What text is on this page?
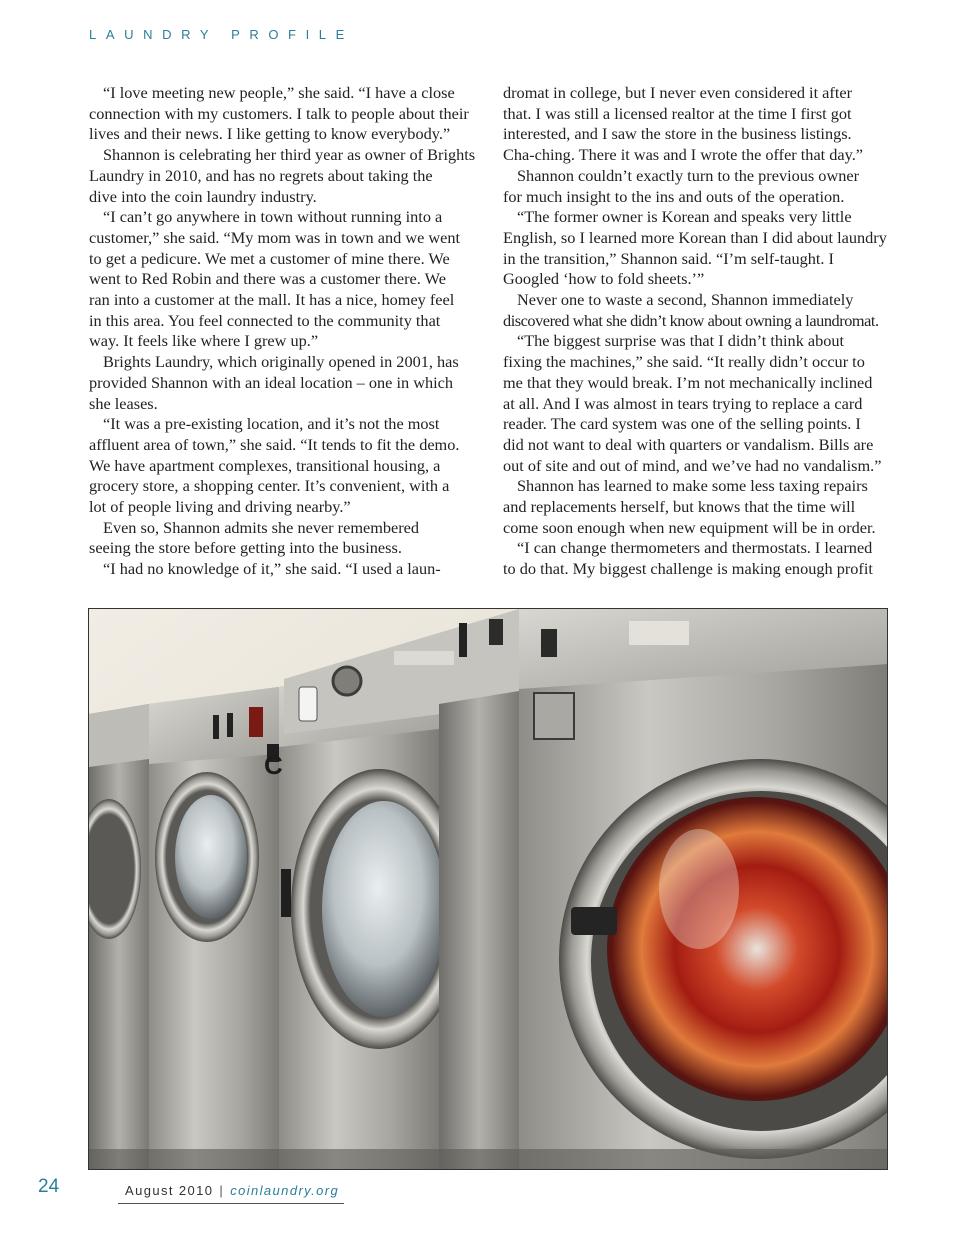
LAUNDRY PROFILE

“I love meeting new people,” she said. “I have a close
connection with my customers. I talk to people about their
lives and their news. I like getting to know everybody.”

Shannon is celebrating her third year as owner of Brights
Laundry in 2010, and has no regrets about taking the
dive into the coin laundry industry.

“I can’t go anywhere in town without running into a
customer,” she said. “My mom was in town and we went
to get a pedicure. We met a customer of mine there. We
went to Red Robin and there was a customer there. We
ran into a customer at the mall. It has a nice, homey feel
in this area. You feel connected to the community that
way. It feels like where I grew up.”

Brights Laundry, which originally opened in 2001, has
provided Shannon with an ideal location – one in which
she leases.

“It was a pre-existing location, and it’s not the most
affluent area of town,” she said. “It tends to fit the demo.
We have apartment complexes, transitional housing, a
grocery store, a shopping center. It’s convenient, with a
lot of people living and driving nearby.”

Even so, Shannon admits she never remembered
seeing the store before getting into the business.

“I had no knowledge of it,” she said. “I used a laun-

dromat in college, but I never even considered it after
that. I was still a licensed realtor at the time I first got
interested, and I saw the store in the business listings.
Cha-ching. There it was and I wrote the offer that day.”

Shannon couldn’t exactly turn to the previous owner
for much insight to the ins and outs of the operation.

“The former owner is Korean and speaks very little
English, so I learned more Korean than I did about laundry
in the transition,” Shannon said. “I’m self-taught. I
Googled ‘how to fold sheets.’”

Never one to waste a second, Shannon immediately
discovered what she didn’t know about owning a laundromat.

“The biggest surprise was that I didn’t think about
fixing the machines,” she said. “It really didn’t occur to
me that they would break. I’m not mechanically inclined
at all. And I was almost in tears trying to replace a card
reader. The card system was one of the selling points. I
did not want to deal with quarters or vandalism. Bills are
out of site and out of mind, and we’ve had no vandalism.”

Shannon has learned to make some less taxing repairs
and replacements herself, but knows that the time will
come soon enough when new equipment will be in order.

“I can change thermometers and thermostats. I learned
to do that. My biggest challenge is making enough profit

C
24	August 2010 | coinlaundry.org
